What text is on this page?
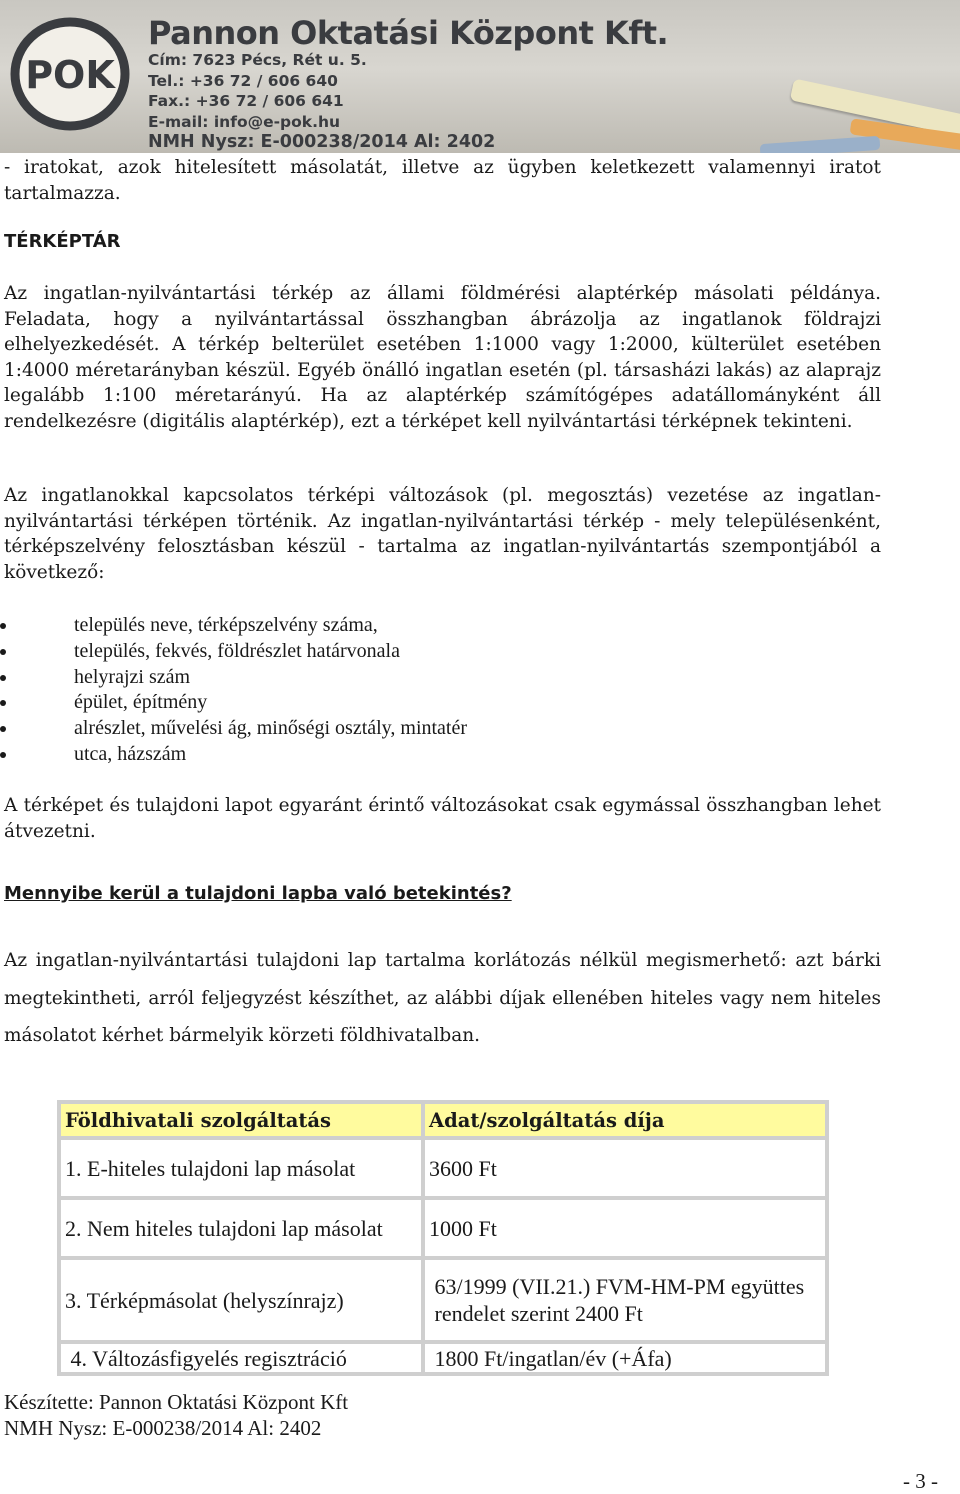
POK
Pannon Oktatási Központ Kft.
Cím: 7623 Pécs, Rét u. 5.
Tel.: +36 72 / 606 640
Fax.: +36 72 / 606 641
E-mail: info@e-pok.hu
NMH Nysz: E-000238/2014 Al: 2402
- iratokat, azok hitelesített másolatát, illetve az ügyben keletkezett valamennyi iratot tartalmazza.
TÉRKÉPTÁR
Az ingatlan-nyilvántartási térkép az állami földmérési alaptérkép másolati példánya. Feladata, hogy a nyilvántartással összhangban ábrázolja az ingatlanok földrajzi elhelyezkedését. A térkép belterület esetében 1:1000 vagy 1:2000, külterület esetében 1:4000 méretarányban készül. Egyéb önálló ingatlan esetén (pl. társasházi lakás) az alaprajz legalább 1:100 méretarányú. Ha az alaptérkép számítógépes adatállományként áll rendelkezésre (digitális alaptérkép), ezt a térképet kell nyilvántartási térképnek tekinteni.
Az ingatlanokkal kapcsolatos térképi változások (pl. megosztás) vezetése az ingatlan-nyilvántartási térképen történik. Az ingatlan-nyilvántartási térkép - mely településenként, térképszelvény felosztásban készül - tartalma az ingatlan-nyilvántartás szempontjából a következő:
település neve, térképszelvény száma,
település, fekvés, földrészlet határvonala
helyrajzi szám
épület, építmény
alrészlet, művelési ág, minőségi osztály, mintatér
utca, házszám
A térképet és tulajdoni lapot egyaránt érintő változásokat csak egymással összhangban lehet átvezetni.
Mennyibe kerül a tulajdoni lapba való betekintés?
Az ingatlan-nyilvántartási tulajdoni lap tartalma korlátozás nélkül megismerhető: azt bárki megtekintheti, arról feljegyzést készíthet, az alábbi díjak ellenében hiteles vagy nem hiteles másolatot kérhet bármelyik körzeti földhivatalban.
Földhivatali szolgáltatás	Adat/szolgáltatás díja
1. E-hiteles tulajdoni lap másolat	3600 Ft
2. Nem hiteles tulajdoni lap másolat	1000 Ft
3. Térképmásolat (helyszínrajz)	63/1999 (VII.21.) FVM-HM-PM együttes
rendelet szerint 2400 Ft

4. Változásfigyelés regisztráció	1800 Ft/ingatlan/év (+Áfa)
Készítette: Pannon Oktatási Központ Kft
NMH Nysz: E-000238/2014 Al: 2402
- 3 -
